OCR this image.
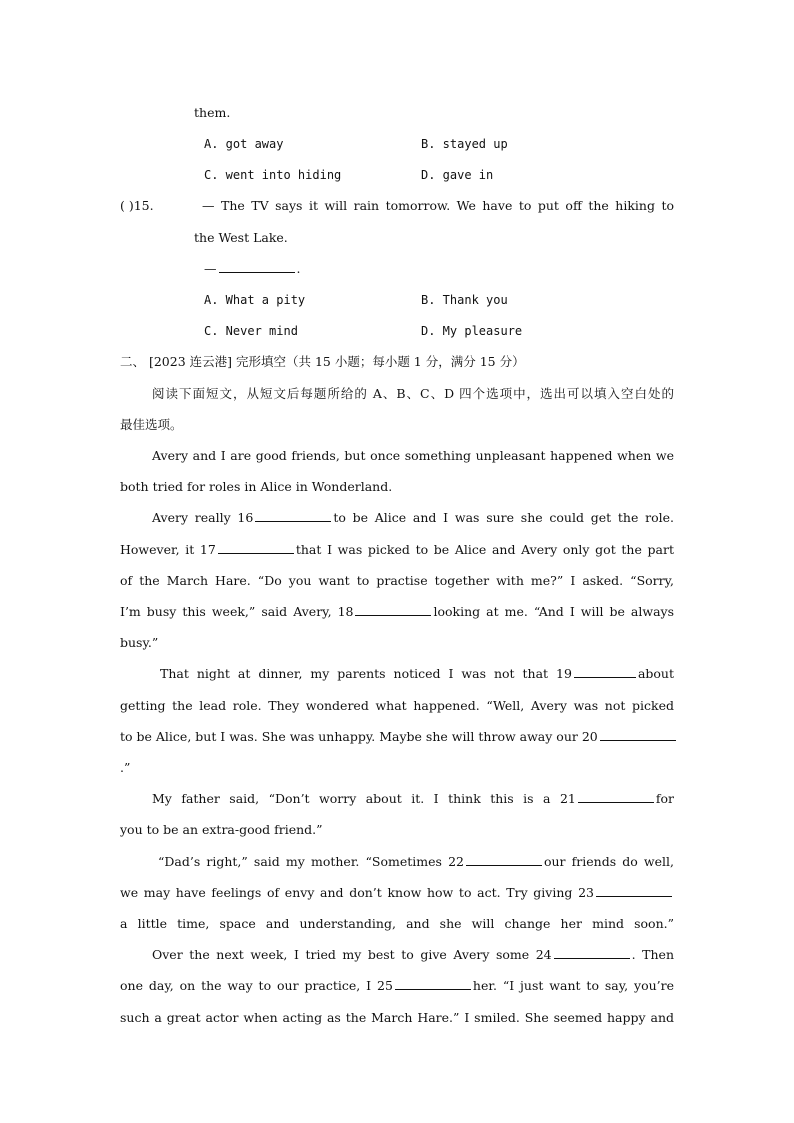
them.
A. got away	B. stayed up
C. went into hiding	D. gave in
( )15.	— The TV says it will rain tomorrow. We have to put off the hiking to
the West Lake.
—	.
A. What a pity	B. Thank you
C. Never mind	D. My pleasure
二、 [2023 连云港] 完形填空（共 15 小题；每小题 1 分，满分 15 分）
阅读下面短文，从短文后每题所给的 A、B、C、D 四个选项中，选出可以填入空白处的
最佳选项。
Avery and I are good friends, but once something unpleasant happened when we
both tried for roles in Alice in Wonderland.
Avery really 16	to be Alice and I was sure she could get the role.
However, it 17	that I was picked to be Alice and Avery only got the part
of the March Hare. “Do you want to practise together with me?” I asked. “Sorry,
I’m busy this week,” said Avery, 18	looking at me. “And I will be always
busy.”
That night at dinner, my parents noticed I was not that 19	about
getting the lead role. They wondered what happened. “Well, Avery was not picked
to be Alice, but I was. She was unhappy. Maybe she will throw away our 20
.”
My father said, “Don’t worry about it. I think this is a 21	for
you to be an extra-good friend.”
“Dad’s right,” said my mother. “Sometimes 22	our friends do well,
we may have feelings of envy and don’t know how to act. Try giving 23
a little time, space and understanding, and she will change her mind soon.”
Over the next week, I tried my best to give Avery some 24	. Then
one day, on the way to our practice, I 25	her. “I just want to say, you’re
such a great actor when acting as the March Hare.” I smiled. She seemed happy and
